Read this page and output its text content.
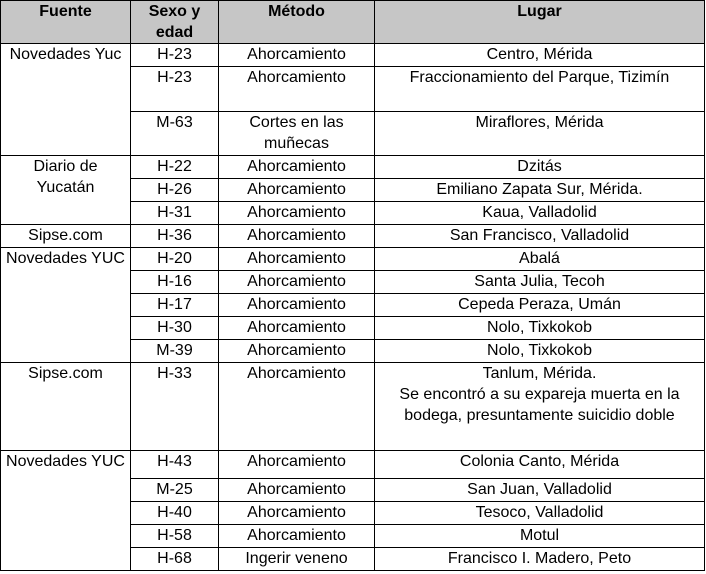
Fuente	Sexo y edad	Método	Lugar
Novedades Yuc	H-23	Ahorcamiento	Centro, Mérida
	H-23	Ahorcamiento	Fraccionamiento del Parque, Tizimín
	M-63	Cortes en las muñecas	Miraflores, Mérida
Diario de Yucatán	H-22	Ahorcamiento	Dzitás
	H-26	Ahorcamiento	Emiliano Zapata Sur, Mérida.
	H-31	Ahorcamiento	Kaua, Valladolid
Sipse.com	H-36	Ahorcamiento	San Francisco, Valladolid
Novedades YUC	H-20	Ahorcamiento	Abalá
	H-16	Ahorcamiento	Santa Julia, Tecoh
	H-17	Ahorcamiento	Cepeda Peraza, Umán
	H-30	Ahorcamiento	Nolo, Tixkokob
	M-39	Ahorcamiento	Nolo, Tixkokob
Sipse.com	H-33	Ahorcamiento	Tanlum, Mérida.
Se encontró a su expareja muerta en la bodega, presuntamente suicidio doble

Novedades YUC	H-43	Ahorcamiento	Colonia Canto, Mérida
	M-25	Ahorcamiento	San Juan, Valladolid
	H-40	Ahorcamiento	Tesoco, Valladolid
	H-58	Ahorcamiento	Motul
	H-68	Ingerir veneno	Francisco I. Madero, Peto
